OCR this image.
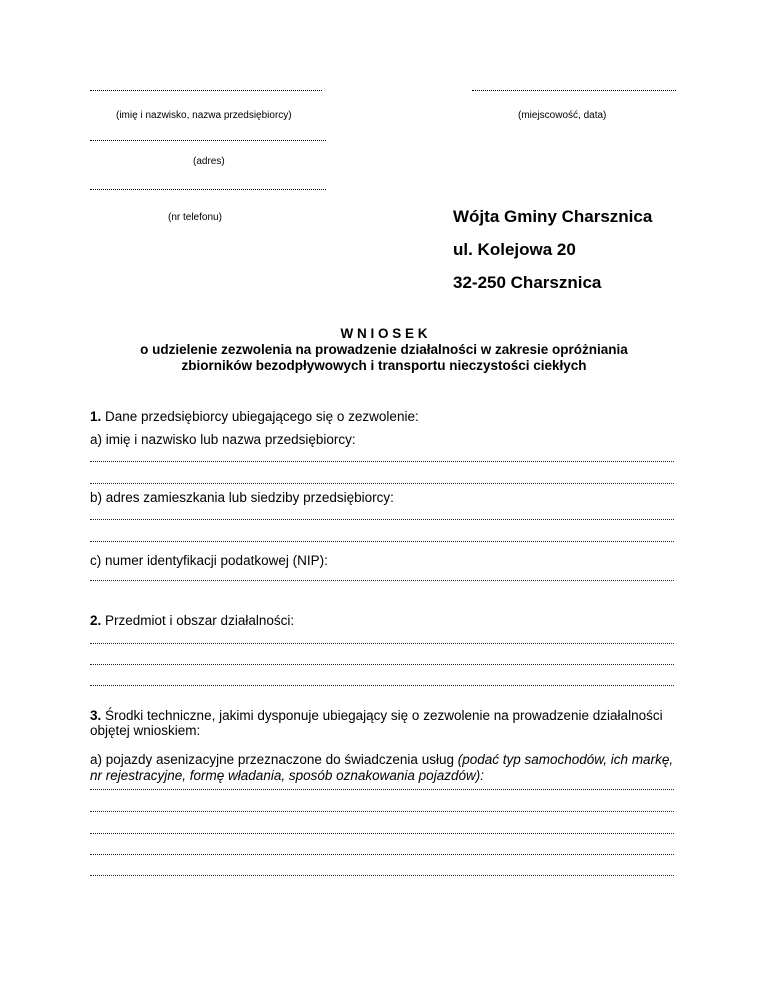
(imię i nazwisko, nazwa przedsiębiorcy)	(miejscowość, data)
(adres)
(nr telefonu)	Wójta Gminy Charsznica
ul. Kolejowa 20
32-250 Charsznica
W N I O S E K
o udzielenie zezwolenia na prowadzenie działalności w zakresie opróżniania
zbiorników bezodpływowych i transportu nieczystości ciekłych
1. Dane przedsiębiorcy ubiegającego się o zezwolenie:
a) imię i nazwisko lub nazwa przedsiębiorcy:
b) adres zamieszkania lub siedziby przedsiębiorcy:
c) numer identyfikacji podatkowej (NIP):
2. Przedmiot i obszar działalności:
3. Środki techniczne, jakimi dysponuje ubiegający się o zezwolenie na prowadzenie działalności
objętej wnioskiem:
a) pojazdy asenizacyjne przeznaczone do świadczenia usług (podać typ samochodów, ich markę,
nr rejestracyjne, formę władania, sposób oznakowania pojazdów):
